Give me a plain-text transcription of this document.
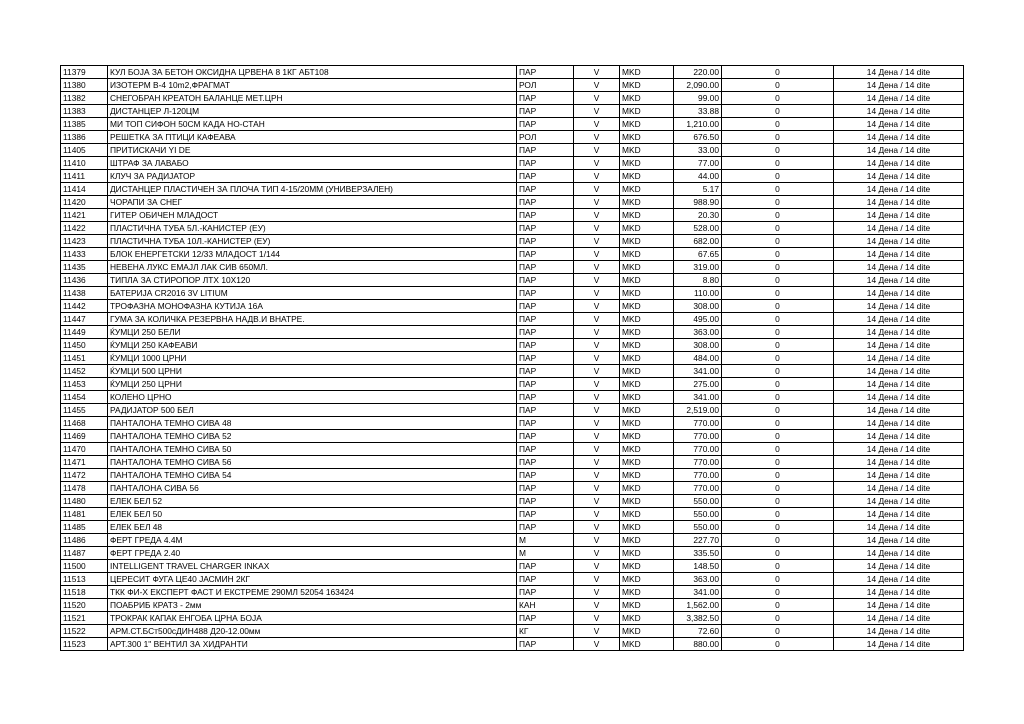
11379	КУЛ БОЈА ЗА БЕТОН ОКСИДНА ЦРВЕНА 8 1КГ АБТ108	ПАР	V	MKD	220.00	0	14 Дена / 14 dite
11380	ИЗОТЕРМ В-4 10m2,ФРАГМАТ	РОЛ	V	MKD	2,090.00	0	14 Дена / 14 dite
11382	СНЕГОБРАН КРЕАТОН БАЛАНЦЕ МЕТ.ЦРН	ПАР	V	MKD	99.00	0	14 Дена / 14 dite
11383	ДИСТАНЦЕР Л-120ЦМ	ПАР	V	MKD	33.88	0	14 Дена / 14 dite
11385	МИ ТОП СИФОН 50СМ КАДА НО-СТАН	ПАР	V	MKD	1,210.00	0	14 Дена / 14 dite
11386	РЕШЕТКА ЗА ПТИЦИ КАФЕАВА	РОЛ	V	MKD	676.50	0	14 Дена / 14 dite
11405	ПРИТИСКАЧИ YI DE	ПАР	V	MKD	33.00	0	14 Дена / 14 dite
11410	ШТРАФ ЗА ЛАВАБО	ПАР	V	MKD	77.00	0	14 Дена / 14 dite
11411	КЛУЧ ЗА РАДИЈАТОР	ПАР	V	MKD	44.00	0	14 Дена / 14 dite
11414	ДИСТАНЦЕР ПЛАСТИЧЕН ЗА ПЛОЧА ТИП 4-15/20ММ (УНИВЕРЗАЛЕН)	ПАР	V	MKD	5.17	0	14 Дена / 14 dite
11420	ЧОРАПИ ЗА СНЕГ	ПАР	V	MKD	988.90	0	14 Дена / 14 dite
11421	ГИТЕР ОБИЧЕН МЛАДОСТ	ПАР	V	MKD	20.30	0	14 Дена / 14 dite
11422	ПЛАСТИЧНА ТУБА 5Л.-КАНИСТЕР (ЕУ)	ПАР	V	MKD	528.00	0	14 Дена / 14 dite
11423	ПЛАСТИЧНА ТУБА 10Л.-КАНИСТЕР (ЕУ)	ПАР	V	MKD	682.00	0	14 Дена / 14 dite
11433	БЛОК ЕНЕРГЕТСКИ 12/33 МЛАДОСТ 1/144	ПАР	V	MKD	67.65	0	14 Дена / 14 dite
11435	НЕВЕНА ЛУКС ЕМАЈЛ ЛАК СИВ 650МЛ.	ПАР	V	MKD	319.00	0	14 Дена / 14 dite
11436	ТИПЛА ЗА СТИРОПОР ЛТХ 10Х120	ПАР	V	MKD	8.80	0	14 Дена / 14 dite
11438	БАТЕРИЈА CR2016 3V LITIUM	ПАР	V	MKD	110.00	0	14 Дена / 14 dite
11442	ТРОФАЗНА МОНОФАЗНА КУТИЈА 16А	ПАР	V	MKD	308.00	0	14 Дена / 14 dite
11447	ГУМА ЗА КОЛИЧКА РЕЗЕРВНА НАДВ.И ВНАТРЕ.	ПАР	V	MKD	495.00	0	14 Дена / 14 dite
11449	ЌУМЦИ 250 БЕЛИ	ПАР	V	MKD	363.00	0	14 Дена / 14 dite
11450	ЌУМЦИ 250 КАФЕАВИ	ПАР	V	MKD	308.00	0	14 Дена / 14 dite
11451	ЌУМЦИ 1000 ЦРНИ	ПАР	V	MKD	484.00	0	14 Дена / 14 dite
11452	ЌУМЦИ 500 ЦРНИ	ПАР	V	MKD	341.00	0	14 Дена / 14 dite
11453	ЌУМЦИ 250 ЦРНИ	ПАР	V	MKD	275.00	0	14 Дена / 14 dite
11454	КОЛЕНО ЦРНО	ПАР	V	MKD	341.00	0	14 Дена / 14 dite
11455	РАДИЈАТОР 500 БЕЛ	ПАР	V	MKD	2,519.00	0	14 Дена / 14 dite
11468	ПАНТАЛОНА ТЕМНО СИВА 48	ПАР	V	MKD	770.00	0	14 Дена / 14 dite
11469	ПАНТАЛОНА ТЕМНО СИВА 52	ПАР	V	MKD	770.00	0	14 Дена / 14 dite
11470	ПАНТАЛОНА ТЕМНО СИВА 50	ПАР	V	MKD	770.00	0	14 Дена / 14 dite
11471	ПАНТАЛОНА ТЕМНО СИВА 56	ПАР	V	MKD	770.00	0	14 Дена / 14 dite
11472	ПАНТАЛОНА ТЕМНО СИВА 54	ПАР	V	MKD	770.00	0	14 Дена / 14 dite
11478	ПАНТАЛОНА СИВА 56	ПАР	V	MKD	770.00	0	14 Дена / 14 dite
11480	ЕЛЕК БЕЛ 52	ПАР	V	MKD	550.00	0	14 Дена / 14 dite
11481	ЕЛЕК БЕЛ 50	ПАР	V	MKD	550.00	0	14 Дена / 14 dite
11485	ЕЛЕК БЕЛ 48	ПАР	V	MKD	550.00	0	14 Дена / 14 dite
11486	ФЕРТ ГРЕДА 4.4М	М	V	MKD	227.70	0	14 Дена / 14 dite
11487	ФЕРТ ГРЕДА 2.40	М	V	MKD	335.50	0	14 Дена / 14 dite
11500	INTELLIGENT TRAVEL CHARGER INKAX	ПАР	V	MKD	148.50	0	14 Дена / 14 dite
11513	ЦЕРЕСИТ ФУГА ЦЕ40 ЈАСМИН 2КГ	ПАР	V	MKD	363.00	0	14 Дена / 14 dite
11518	ТКК ФИ-Х ЕКСПЕРТ ФАСТ И ЕКСТРЕМЕ 290МЛ 52054 163424	ПАР	V	MKD	341.00	0	14 Дена / 14 dite
11520	ПОАБРИБ КРАТЗ - 2мм	КАН	V	MKD	1,562.00	0	14 Дена / 14 dite
11521	ТРОКРАК КАПАК ЕНГОБА ЦРНА БОЈА	ПАР	V	MKD	3,382.50	0	14 Дена / 14 dite
11522	АРМ.СТ.БСт500сДИН488 Д20-12.00мм	КГ	V	MKD	72.60	0	14 Дена / 14 dite
11523	АРТ.300 1" ВЕНТИЛ ЗА ХИДРАНТИ	ПАР	V	MKD	880.00	0	14 Дена / 14 dite
